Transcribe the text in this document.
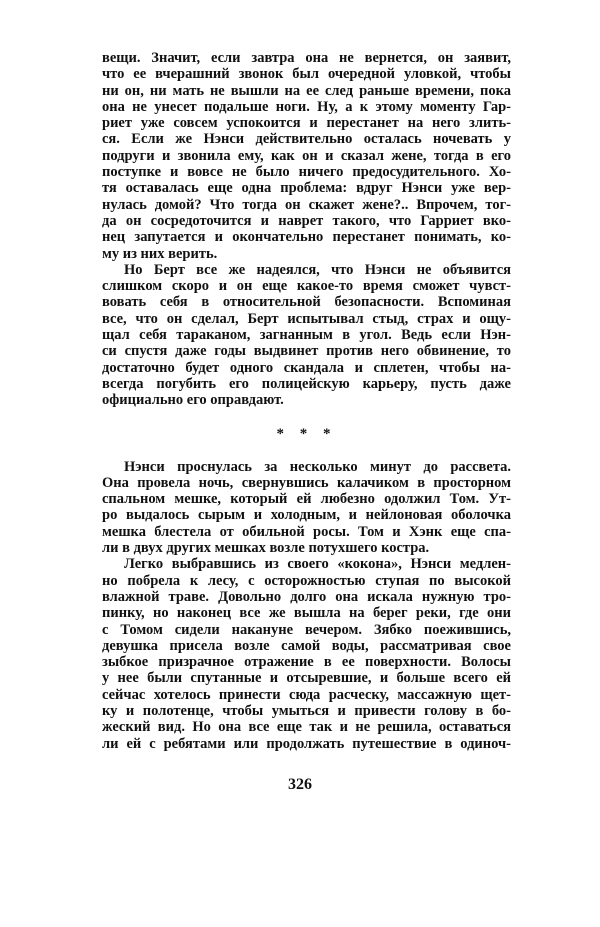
вещи. Значит, если завтра она не вернется, он заявит,
что ее вчерашний звонок был очередной уловкой, чтобы
ни он, ни мать не вышли на ее след раньше времени, пока
она не унесет подальше ноги. Ну, а к этому моменту Гар-
риет уже совсем успокоится и перестанет на него злить-
ся. Если же Нэнси действительно осталась ночевать у
подруги и звонила ему, как он и сказал жене, тогда в его
поступке и вовсе не было ничего предосудительного. Хо-
тя оставалась еще одна проблема: вдруг Нэнси уже вер-
нулась домой? Что тогда он скажет жене?.. Впрочем, тог-
да он сосредоточится и наврет такого, что Гарриет вко-
нец запутается и окончательно перестанет понимать, ко-
му из них верить.
Но Берт все же надеялся, что Нэнси не объявится
слишком скоро и он еще какое-то время сможет чувст-
вовать себя в относительной безопасности. Вспоминая
все, что он сделал, Берт испытывал стыд, страх и ощу-
щал себя тараканом, загнанным в угол. Ведь если Нэн-
си спустя даже годы выдвинет против него обвинение, то
достаточно будет одного скандала и сплетен, чтобы на-
всегда погубить его полицейскую карьеру, пусть даже
официально его оправдают.
* * *
Нэнси проснулась за несколько минут до рассвета.
Она провела ночь, свернувшись калачиком в просторном
спальном мешке, который ей любезно одолжил Том. Ут-
ро выдалось сырым и холодным, и нейлоновая оболочка
мешка блестела от обильной росы. Том и Хэнк еще спа-
ли в двух других мешках возле потухшего костра.
Легко выбравшись из своего «кокона», Нэнси медлен-
но побрела к лесу, с осторожностью ступая по высокой
влажной траве. Довольно долго она искала нужную тро-
пинку, но наконец все же вышла на берег реки, где они
с Томом сидели накануне вечером. Зябко поежившись,
девушка присела возле самой воды, рассматривая свое
зыбкое призрачное отражение в ее поверхности. Волосы
у нее были спутанные и отсыревшие, и больше всего ей
сейчас хотелось принести сюда расческу, массажную щет-
ку и полотенце, чтобы умыться и привести голову в бо-
жеский вид. Но она все еще так и не решила, оставаться
ли ей с ребятами или продолжать путешествие в одиноч-
326
